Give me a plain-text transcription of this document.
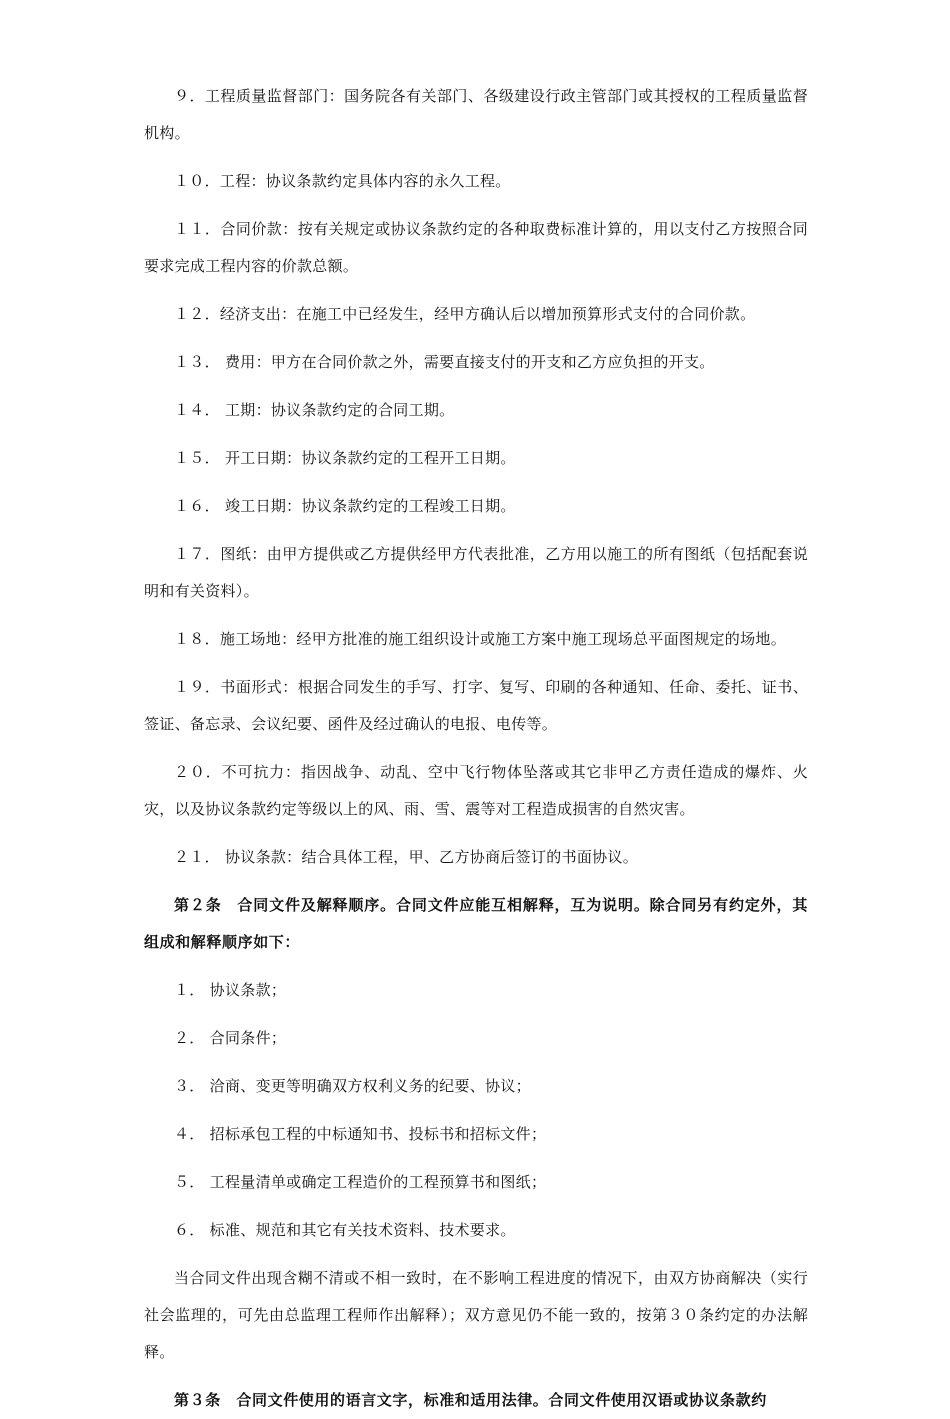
９．工程质量监督部门：国务院各有关部门、各级建设行政主管部门或其授权的工程质量监督机构。

１０．工程：协议条款约定具体内容的永久工程。

１１．合同价款：按有关规定或协议条款约定的各种取费标准计算的，用以支付乙方按照合同要求完成工程内容的价款总额。

１２．经济支出：在施工中已经发生，经甲方确认后以增加预算形式支付的合同价款。

１３． 费用：甲方在合同价款之外，需要直接支付的开支和乙方应负担的开支。

１４． 工期：协议条款约定的合同工期。

１５． 开工日期：协议条款约定的工程开工日期。

１６． 竣工日期：协议条款约定的工程竣工日期。

１７．图纸：由甲方提供或乙方提供经甲方代表批准，乙方用以施工的所有图纸（包括配套说明和有关资料）。

１８．施工场地：经甲方批准的施工组织设计或施工方案中施工现场总平面图规定的场地。

１９．书面形式：根据合同发生的手写、打字、复写、印刷的各种通知、任命、委托、证书、签证、备忘录、会议纪要、函件及经过确认的电报、电传等。

２０．不可抗力：指因战争、动乱、空中飞行物体坠落或其它非甲乙方责任造成的爆炸、火灾，以及协议条款约定等级以上的风、雨、雪、震等对工程造成损害的自然灾害。

２１． 协议条款：结合具体工程，甲、乙方协商后签订的书面协议。

第２条　合同文件及解释顺序。合同文件应能互相解释，互为说明。除合同另有约定外，其组成和解释顺序如下：

１． 协议条款；

２． 合同条件；

３． 洽商、变更等明确双方权利义务的纪要、协议；

４． 招标承包工程的中标通知书、投标书和招标文件；

５． 工程量清单或确定工程造价的工程预算书和图纸；

６． 标准、规范和其它有关技术资料、技术要求。

当合同文件出现含糊不清或不相一致时，在不影响工程进度的情况下，由双方协商解决（实行社会监理的，可先由总监理工程师作出解释）；双方意见仍不能一致的，按第３０条约定的办法解释。

第３条　合同文件使用的语言文字，标准和适用法律。合同文件使用汉语或协议条款约
